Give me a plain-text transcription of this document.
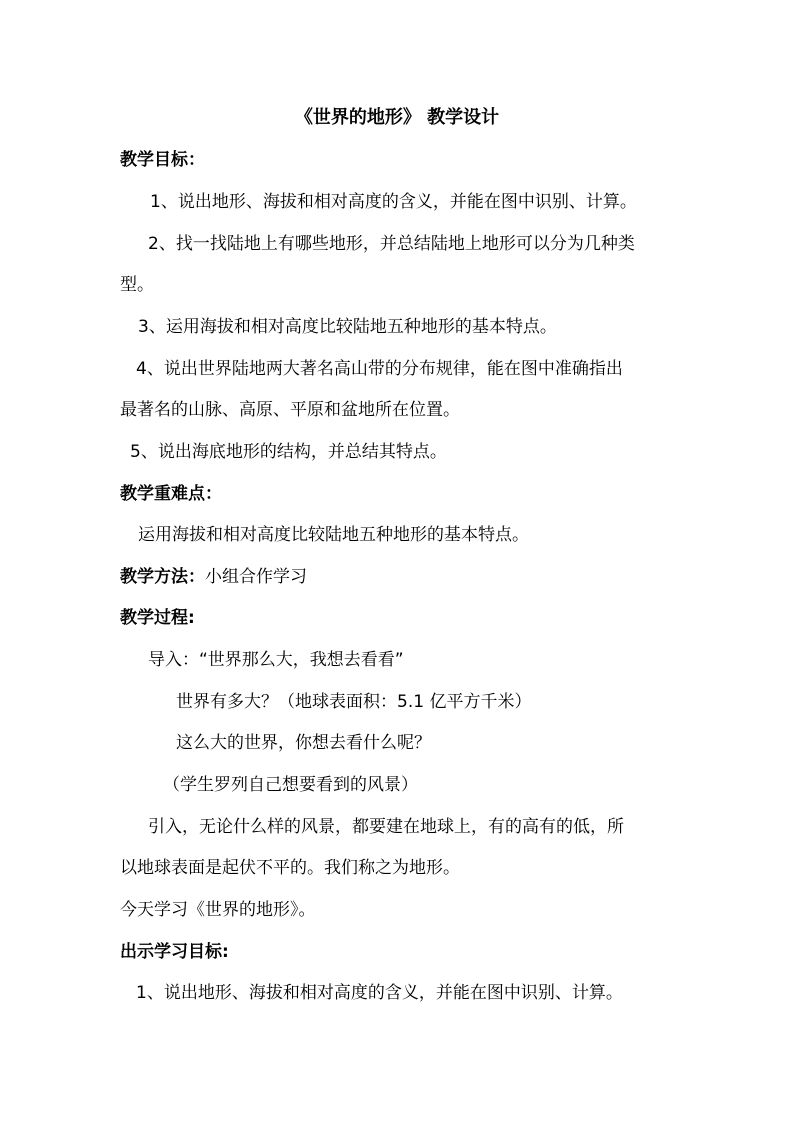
《世界的地形》 教学设计
教学目标：
1、说出地形、海拔和相对高度的含义，并能在图中识别、计算。
2、找一找陆地上有哪些地形，并总结陆地上地形可以分为几种类
型。
3、运用海拔和相对高度比较陆地五种地形的基本特点。
4、说出世界陆地两大著名高山带的分布规律，能在图中准确指出
最著名的山脉、高原、平原和盆地所在位置。
5、说出海底地形的结构，并总结其特点。
教学重难点：
运用海拔和相对高度比较陆地五种地形的基本特点。
教学方法：小组合作学习
教学过程:
导入：“世界那么大，我想去看看”
世界有多大？（地球表面积：5.1 亿平方千米）
这么大的世界，你想去看什么呢？
（学生罗列自己想要看到的风景）
引入，无论什么样的风景，都要建在地球上，有的高有的低，所
以地球表面是起伏不平的。我们称之为地形。
今天学习《世界的地形》。
出示学习目标:
1、说出地形、海拔和相对高度的含义，并能在图中识别、计算。
